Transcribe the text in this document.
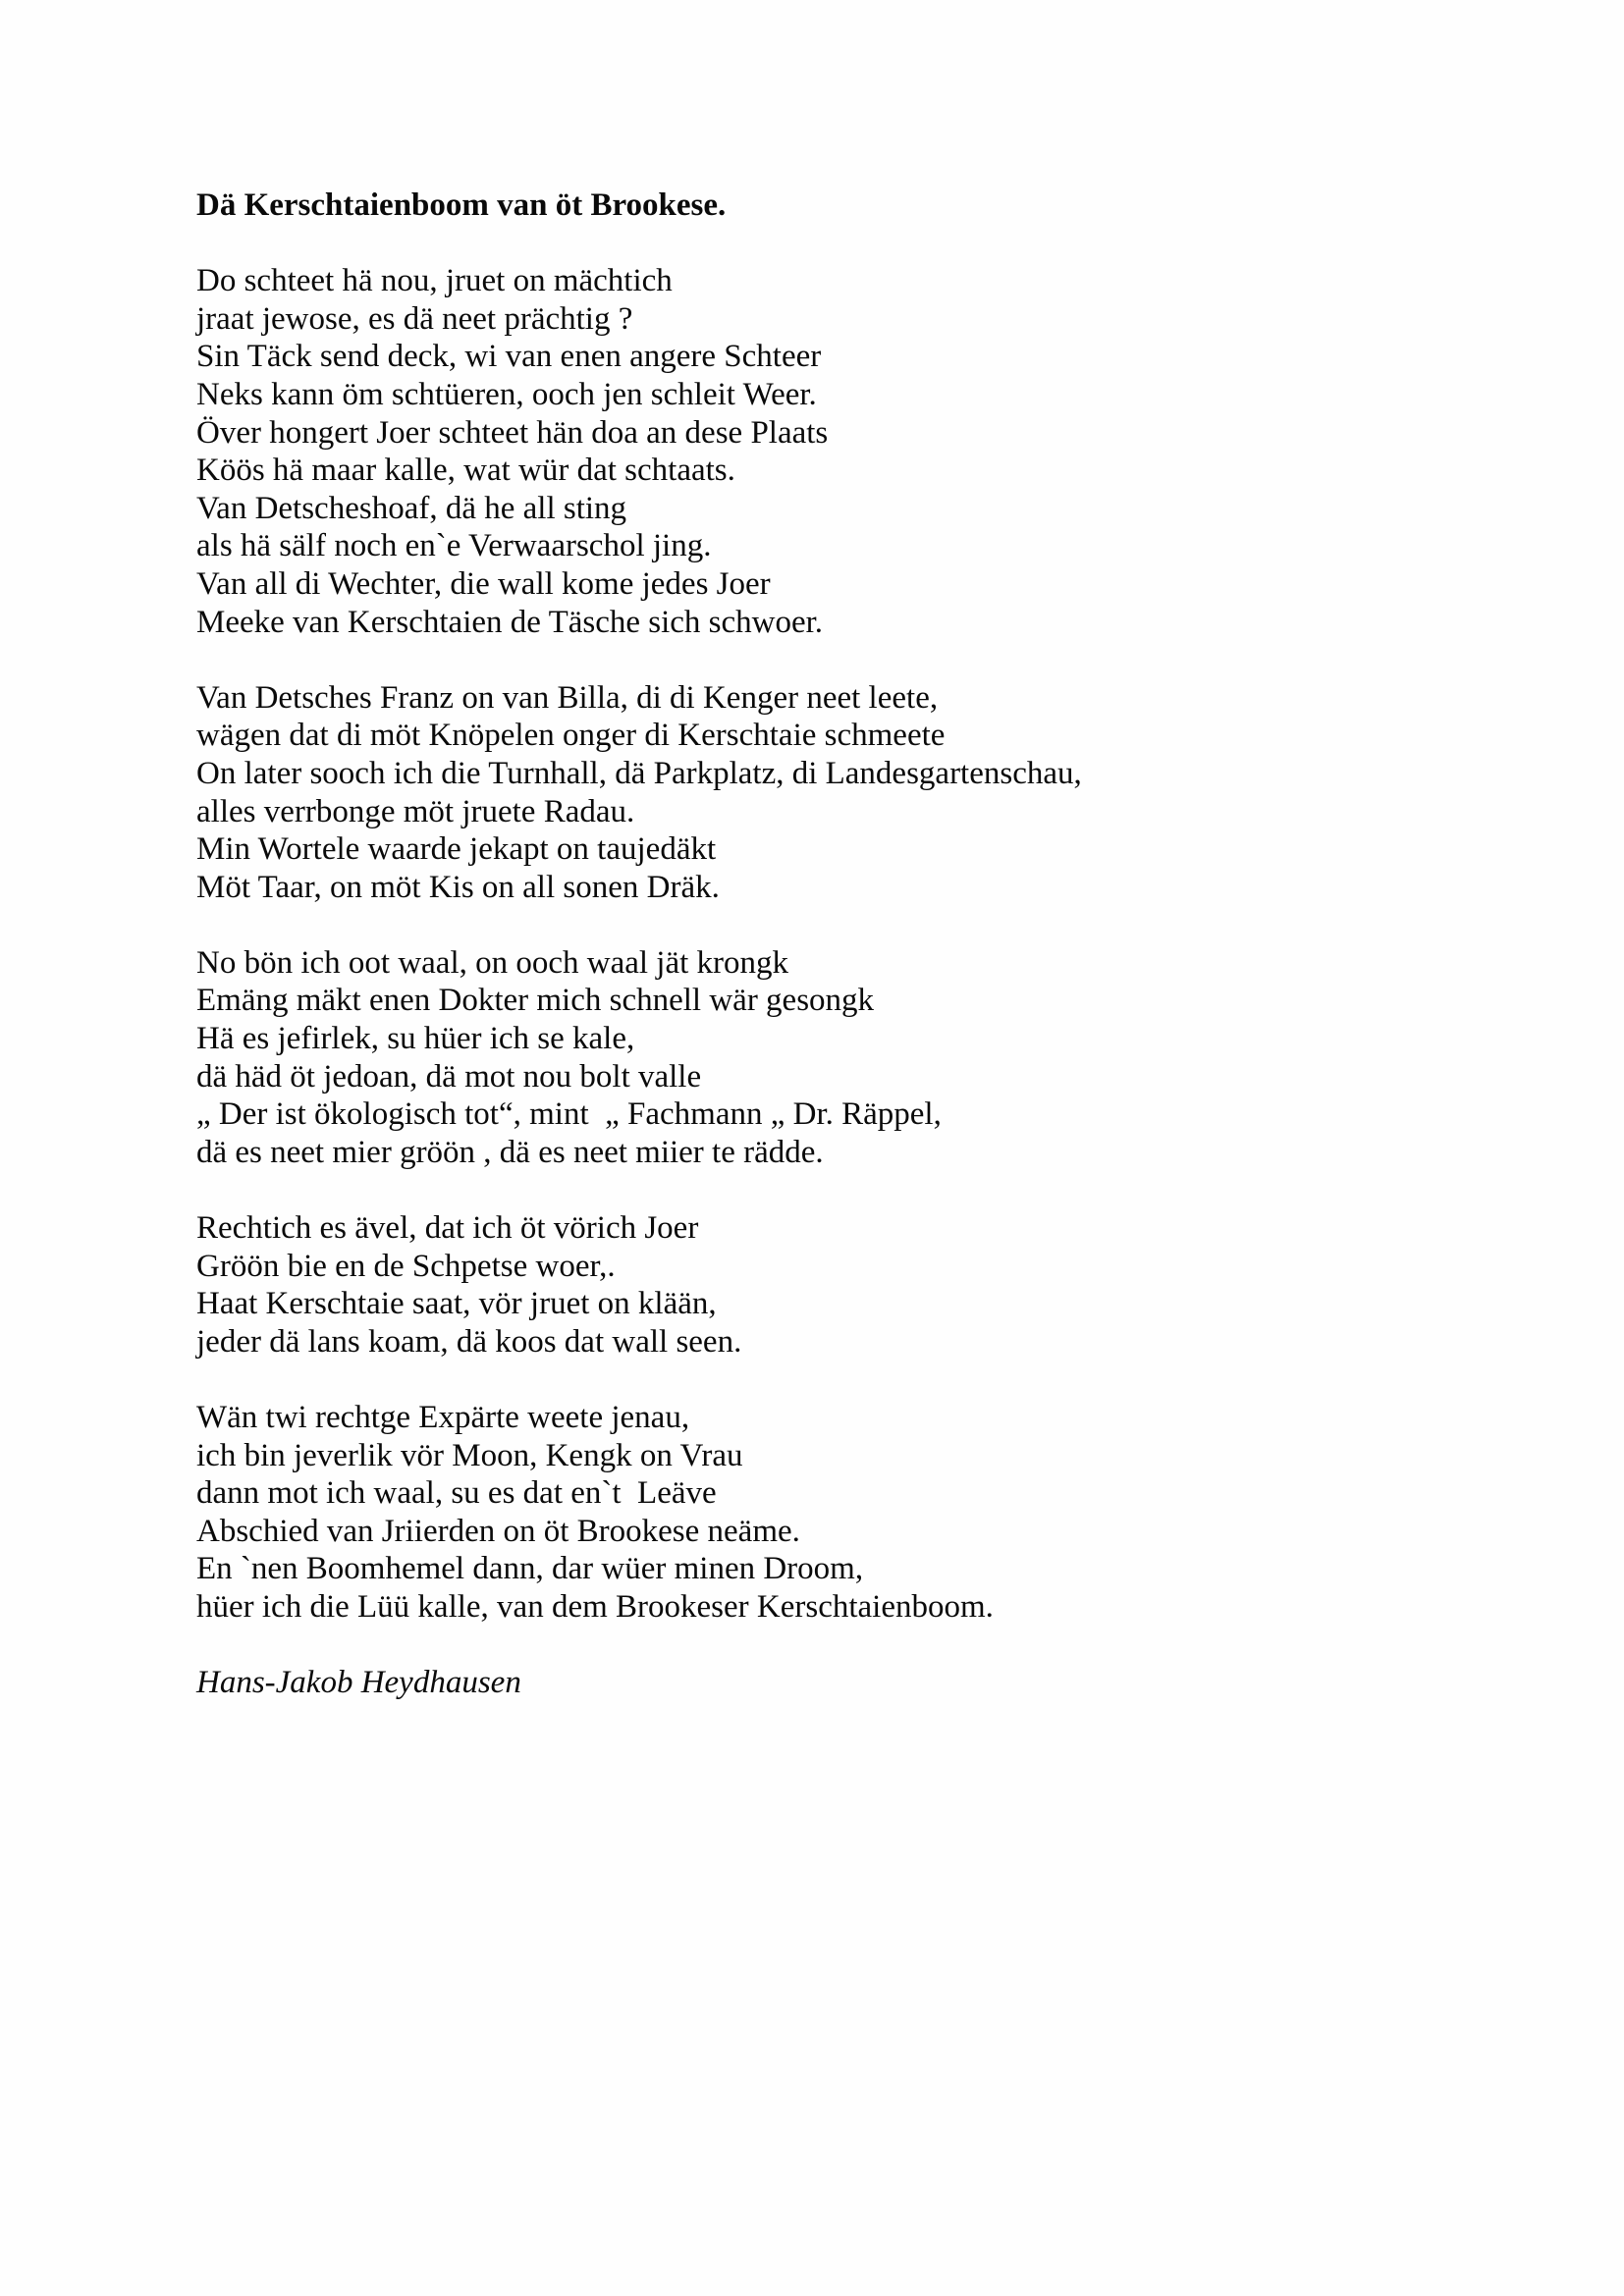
Dä Kerschtaienboom van öt Brookese.

Do schteet hä nou, jruet on mächtich
jraat jewose, es dä neet prächtig ?
Sin Täck send deck, wi van enen angere Schteer
Neks kann öm schtüeren, ooch jen schleit Weer.
Över hongert Joer schteet hän doa an dese Plaats
Köös hä maar kalle, wat wür dat schtaats.
Van Detscheshoaf, dä he all sting
als hä sälf noch en`e Verwaarschol jing.
Van all di Wechter, die wall kome jedes Joer
Meeke van Kerschtaien de Täsche sich schwoer.

Van Detsches Franz on van Billa, di di Kenger neet leete,
wägen dat di möt Knöpelen onger di Kerschtaie schmeete
On later sooch ich die Turnhall, dä Parkplatz, di Landesgartenschau,
alles verrbonge möt jruete Radau.
Min Wortele waarde jekapt on taujedäkt
Möt Taar, on möt Kis on all sonen Dräk.

No bön ich oot waal, on ooch waal jät krongk
Emäng mäkt enen Dokter mich schnell wär gesongk
Hä es jefirlek, su hüer ich se kale,
dä häd öt jedoan, dä mot nou bolt valle
„ Der ist ökologisch tot“, mint  „ Fachmann „ Dr. Räppel,
dä es neet mier gröön , dä es neet miier te rädde.

Rechtich es ävel, dat ich öt vörich Joer
Gröön bie en de Schpetse woer,.
Haat Kerschtaie saat, vör jruet on klään,
jeder dä lans koam, dä koos dat wall seen.

Wän twi rechtge Expärte weete jenau,
ich bin jeverlik vör Moon, Kengk on Vrau
dann mot ich waal, su es dat en`t  Leäve
Abschied van Jriierden on öt Brookese neäme.
En `nen Boomhemel dann, dar wüer minen Droom,
hüer ich die Lüü kalle, van dem Brookeser Kerschtaienboom.

Hans-Jakob Heydhausen
